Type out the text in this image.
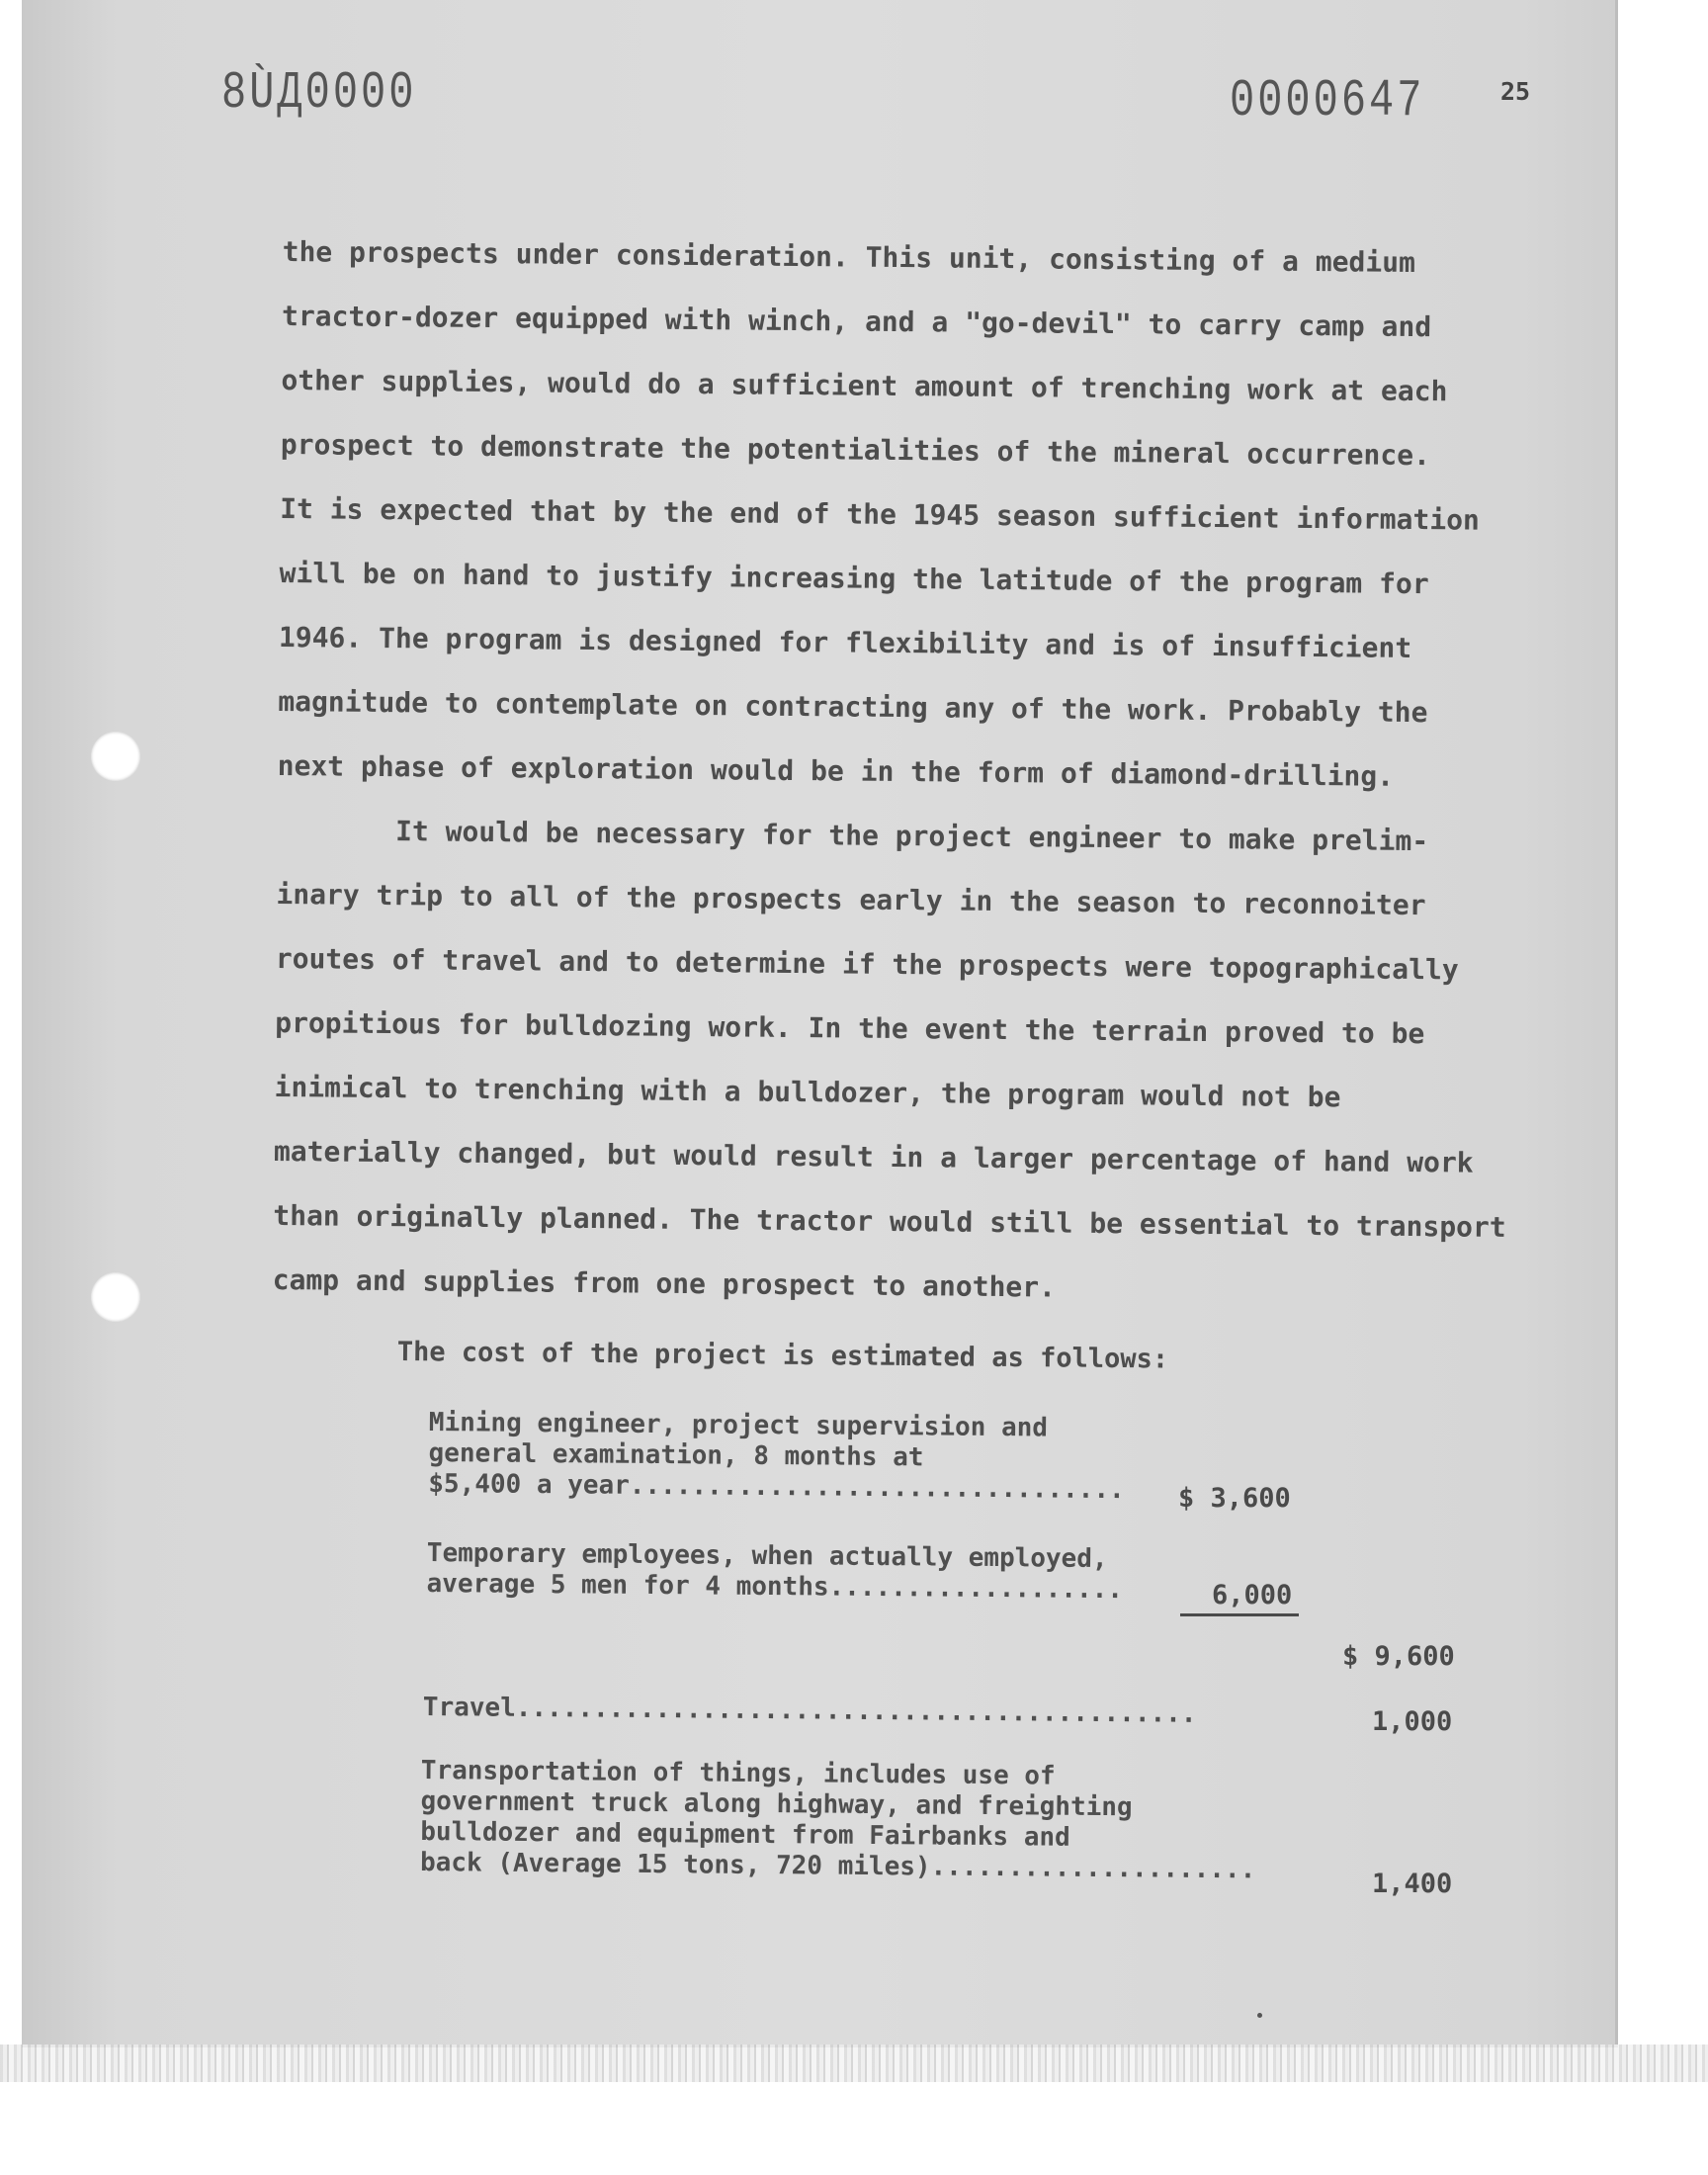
8ÙД0000	0000647	25
the prospects under consideration. This unit, consisting of a medium
tractor-dozer equipped with winch, and a "go-devil" to carry camp and
other supplies, would do a sufficient amount of trenching work at each
prospect to demonstrate the potentialities of the mineral occurrence.
It is expected that by the end of the 1945 season sufficient information
will be on hand to justify increasing the latitude of the program for
1946. The program is designed for flexibility and is of insufficient
magnitude to contemplate on contracting any of the work. Probably the
next phase of exploration would be in the form of diamond-drilling.
It would be necessary for the project engineer to make prelim-
inary trip to all of the prospects early in the season to reconnoiter
routes of travel and to determine if the prospects were topographically
propitious for bulldozing work. In the event the terrain proved to be
inimical to trenching with a bulldozer, the program would not be
materially changed, but would result in a larger percentage of hand work
than originally planned. The tractor would still be essential to transport
camp and supplies from one prospect to another.
The cost of the project is estimated as follows:
Mining engineer, project supervision and
general examination, 8 months at
$5,400 a year................................ $ 3,600
Temporary employees, when actually employed,
average 5 men for 4 months...................	6,000
$ 9,600
Travel............................................	1,000
Transportation of things, includes use of
government truck along highway, and freighting
bulldozer and equipment from Fairbanks and
back (Average 15 tons, 720 miles).....................	1,400
